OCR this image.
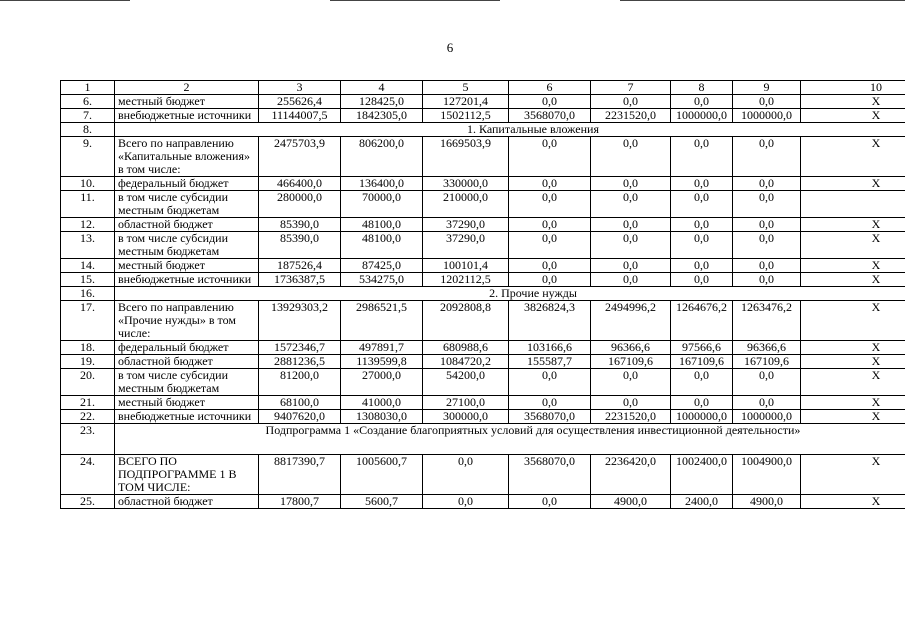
6
1	2	3	4	5	6	7	8	9	10
6.	местный бюджет	255626,4	128425,0	127201,4	0,0	0,0	0,0	0,0	Х
7.	внебюджетные источники	11144007,5	1842305,0	1502112,5	3568070,0	2231520,0	1000000,0	1000000,0	Х
8.	1. Капитальные вложения								
9.	Всего по направлению «Капитальные вложения» в том числе:	2475703,9	806200,0	1669503,9	0,0	0,0	0,0	0,0	Х
10.	федеральный бюджет	466400,0	136400,0	330000,0	0,0	0,0	0,0	0,0	Х
11.	в том числе субсидии местным бюджетам	280000,0	70000,0	210000,0	0,0	0,0	0,0	0,0	
12.	областной бюджет	85390,0	48100,0	37290,0	0,0	0,0	0,0	0,0	Х
13.	в том числе субсидии местным бюджетам	85390,0	48100,0	37290,0	0,0	0,0	0,0	0,0	Х
14.	местный бюджет	187526,4	87425,0	100101,4	0,0	0,0	0,0	0,0	Х
15.	внебюджетные источники	1736387,5	534275,0	1202112,5	0,0	0,0	0,0	0,0	Х
16.	2. Прочие нужды								
17.	Всего по направлению «Прочие нужды» в том числе:	13929303,2	2986521,5	2092808,8	3826824,3	2494996,2	1264676,2	1263476,2	Х
18.	федеральный бюджет	1572346,7	497891,7	680988,6	103166,6	96366,6	97566,6	96366,6	Х
19.	областной бюджет	2881236,5	1139599,8	1084720,2	155587,7	167109,6	167109,6	167109,6	Х
20.	в том числе субсидии местным бюджетам	81200,0	27000,0	54200,0	0,0	0,0	0,0	0,0	Х
21.	местный бюджет	68100,0	41000,0	27100,0	0,0	0,0	0,0	0,0	Х
22.	внебюджетные источники	9407620,0	1308030,0	300000,0	3568070,0	2231520,0	1000000,0	1000000,0	Х
23.	Подпрограмма 1 «Создание благоприятных условий для осуществления инвестиционной деятельности»								
24.	ВСЕГО ПО ПОДПРОГРАММЕ 1 В ТОМ ЧИСЛЕ:	8817390,7	1005600,7	0,0	3568070,0	2236420,0	1002400,0	1004900,0	Х
25.	областной бюджет	17800,7	5600,7	0,0	0,0	4900,0	2400,0	4900,0	Х
